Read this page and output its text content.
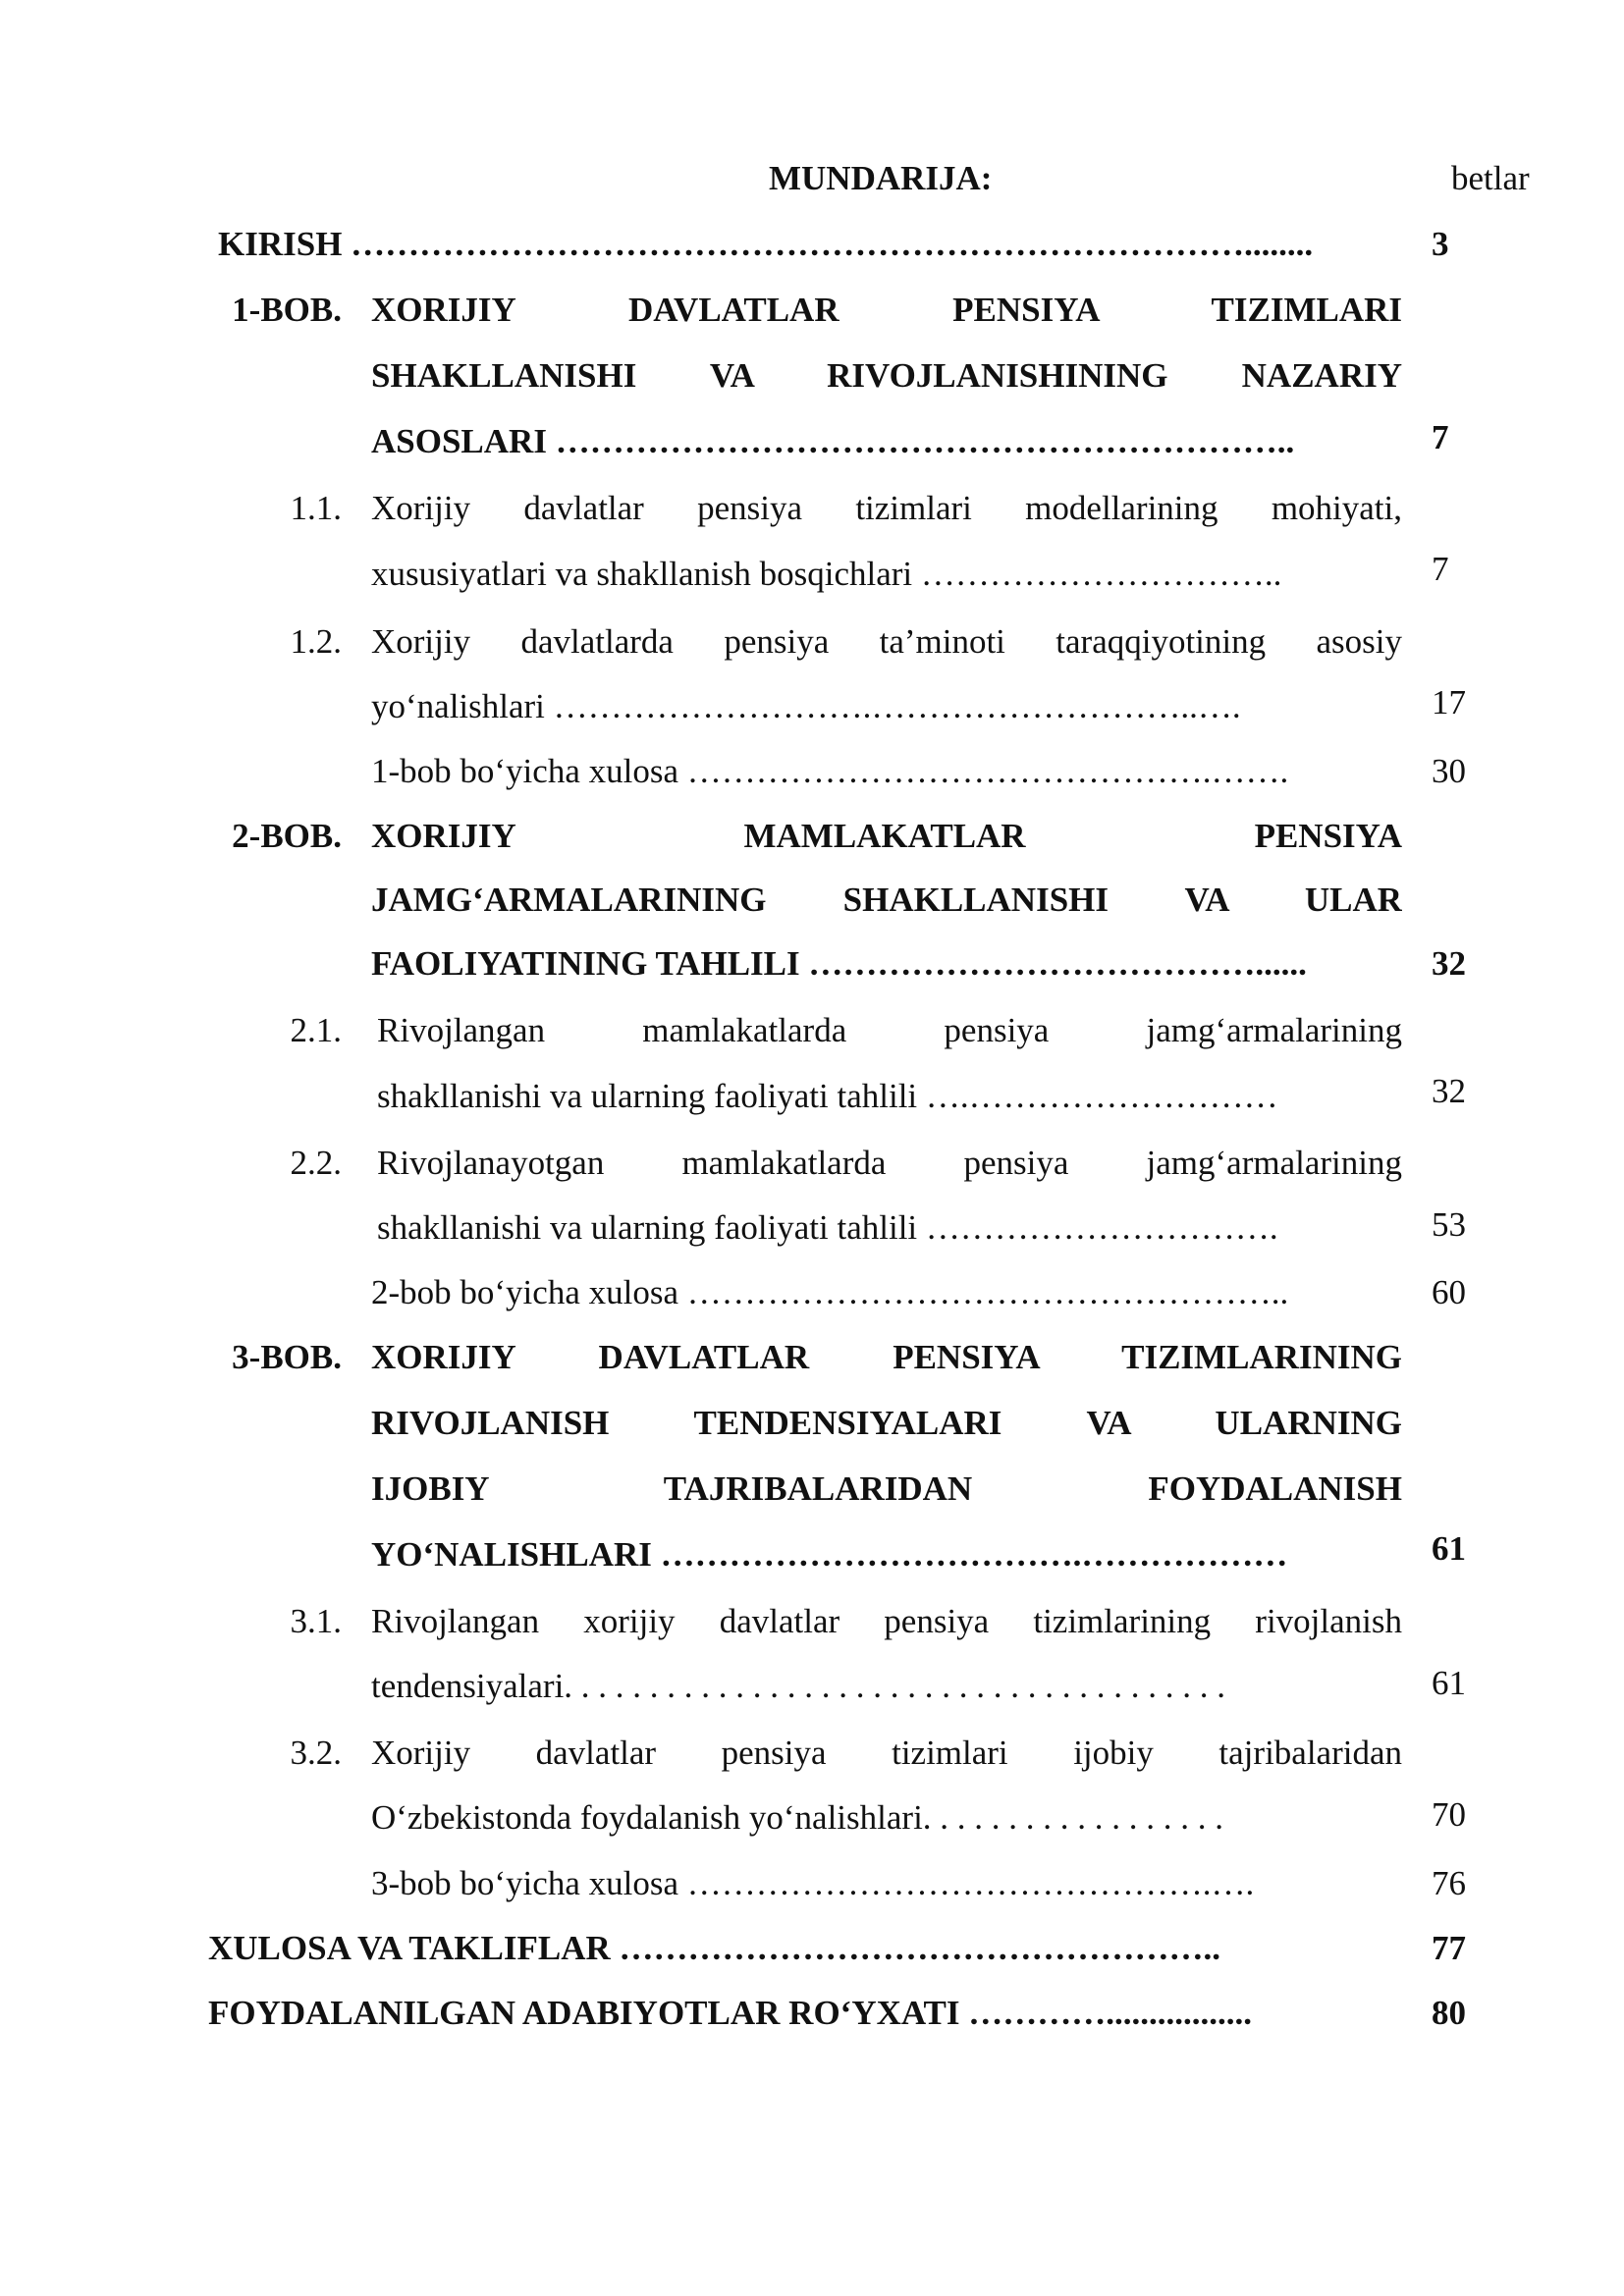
MUNDARIJA:	betlar
KIRISH ……………………………………………………………………........	3
1-BOB. XORIJIY DAVLATLAR PENSIYA TIZIMLARI
SHAKLLANISHI VA RIVOJLANISHINING NAZARIY
ASOSLARI ………………………………………………………..	7
1.1. Xorijiy davlatlar pensiya tizimlari modellarining mohiyati,
xususiyatlari va shakllanish bosqichlari …………………………..	7
1.2. Xorijiy davlatlarda pensiya ta’minoti taraqqiyotining asosiy
yo‘nalishlari ……………………….………………………..….	17
1-bob bo‘yicha xulosa ……………………………………….…….	30
2-BOB. XORIJIY MAMLAKATLAR PENSIYA
JAMG‘ARMALARINING SHAKLLANISHI VA ULAR
FAOLIYATINING TAHLILI …………………………………......	32
2.1. Rivojlangan mamlakatlarda pensiya jamg‘armalarining
shakllanishi va ularning faoliyati tahlili ….………………………	32
2.2. Rivojlanayotgan mamlakatlarda pensiya jamg‘armalarining
shakllanishi va ularning faoliyati tahlili ………………………….	53
2-bob bo‘yicha xulosa ……………………………………………..	60
3-BOB. XORIJIY DAVLATLAR PENSIYA TIZIMLARINING
RIVOJLANISH TENDENSIYALARI VA ULARNING
IJOBIY TAJRIBALARIDAN FOYDALANISH
YO‘NALISHLARI ……………………………….………………	61
3.1. Rivojlangan xorijiy davlatlar pensiya tizimlarining rivojlanish
tendensiyalari. . . . . . . . . . . . . . . . . . . . . . . . . . . . . . . . . . . . . . .	61
3.2. Xorijiy davlatlar pensiya tizimlari ijobiy tajribalaridan
O‘zbekistonda foydalanish yo‘nalishlari. . . . . . . . . . . . . . . . . .	70
3-bob bo‘yicha xulosa ……………………………………….….	76
XULOSA VA TAKLIFLAR ……………………………………………..	77
FOYDALANILGAN ADABIYOTLAR RO‘YXATI ………….................	80
